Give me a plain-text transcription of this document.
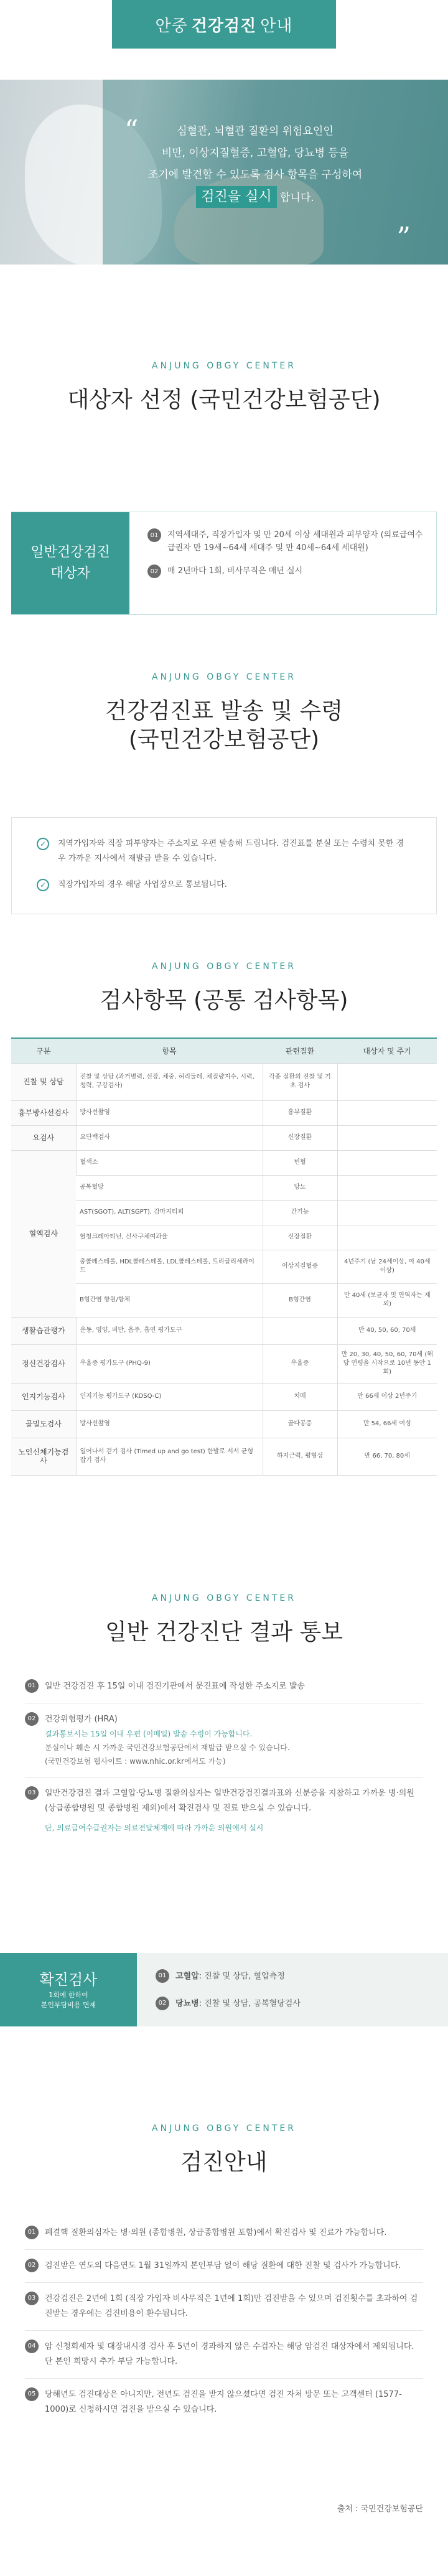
안중 건강검진 안내
“
”
심혈관, 뇌혈관 질환의 위험요인인
비만, 이상지질혈증, 고혈압, 당뇨병 등을
조기에 발견할 수 있도록 검사 항목을 구성하여
검진을 실시 합니다.
ANJUNG OBGY CENTER
대상자 선정 (국민건강보험공단)
일반건강검진
대상자
01	지역세대주, 직장가입자 및 만 20세 이상 세대원과 피부양자 (의료급여수급권자 만 19세~64세 세대주 및 만 40세~64세 세대원)
02	매 2년마다 1회, 비사무직은 매년 실시
ANJUNG OBGY CENTER
건강검진표 발송 및 수령
(국민건강보험공단)
✓	지역가입자와 직장 피부양자는 주소지로 우편 발송해 드립니다. 검진표를 분실 또는 수령치 못한 경우 가까운 지사에서 재발급 받을 수 있습니다.
✓	직장가입자의 경우 해당 사업장으로 통보됩니다.
ANJUNG OBGY CENTER
검사항목 (공통 검사항목)
구분	항목	관련질환	대상자 및 주기
진찰 및 상담	진찰 및 상담 (과거병력, 신장, 체중, 허리둘레, 체질량지수, 시력, 청력, 구강검사)	각종 질환의 진찰 및 기초 검사	
흉부방사선검사	방사선촬영	흉부질환	
요검사	요단백검사	신장질환	
혈액검사	혈색소	빈혈	
	공복혈당	당뇨	
	AST(SGOT), ALT(SGPT), 감마지티피	간기능	
	혈청크레아티닌, 신사구체여과율	신장질환	
	총콜레스테롤, HDL콜레스테롤, LDL콜레스테롤, 트리글리세라이드	이상지질혈증	4년주기 (남 24세이상, 여 40세이상)
	B형간염 항원/항체	B형간염	만 40세 (보균자 및 면역자는 제외)
생활습관평가	운동, 영양, 비만, 음주, 흡연 평가도구		만 40, 50, 60, 70세
정신건강검사	우울증 평가도구 (PHQ-9)	우울증	만 20, 30, 40, 50, 60, 70세 (해당 연령을 시작으로 10년 동안 1회)
인지기능검사	인지기능 평가도구 (KDSQ-C)	치매	만 66세 이상 2년주기
골밀도검사	방사선촬영	골다공증	만 54, 66세 여성
노인신체기능검사	일어나서 걷기 검사 (Timed up and go test) 한발로 서서 균형잡기 검사	하지근력, 평형성	만 66, 70, 80세
ANJUNG OBGY CENTER
일반 건강진단 결과 통보
01	일반 건강검진 후 15일 이내 검진기관에서 문진표에 작성한 주소지로 발송
02	건강위험평가 (HRA)
결과통보서는 15일 이내 우편 (이메일) 발송 수령이 가능합니다.
분실이나 훼손 시 가까운 국민건강보험공단에서 재발급 받으실 수 있습니다.
(국민건강보험 웹사이트 : www.nhic.or.kr에서도 가능)
03	일반건강검진 결과 고혈압·당뇨병 질환의심자는 일반건강검진결과표와 신분증을 지참하고 가까운 병·의원 (상급종합병원 및 종합병원 제외)에서 확진검사 및 진료 받으실 수 있습니다.
단, 의료급여수급권자는 의료전달체계에 따라 가까운 의원에서 실시
확진검사
1회에 한하여
본인부담비용 면제
01	고혈압 : 진찰 및 상담, 혈압측정
02	당뇨병 : 진찰 및 상담, 공복혈당검사
ANJUNG OBGY CENTER
검진안내
01	폐결핵 질환의심자는 병·의원 (종합병원, 상급종합병원 포함)에서 확진검사 및 진료가 가능합니다.
02	검진받은 연도의 다음연도 1월 31일까지 본인부담 없이 해당 질환에 대한 진찰 및 검사가 가능합니다.
03	건강검진은 2년에 1회 (직장 가입자 비사무직은 1년에 1회)만 검진받을 수 있으며 검진횟수를 초과하여 검진받는 경우에는 검진비용이 환수됩니다.
04	암 신청회세자 및 대장내시경 검사 후 5년이 경과하지 않은 수검자는 해당 암검진 대상자에서 제외됩니다. 단 본인 희망시 추가 부담 가능합니다.
05	당해년도 검진대상은 아니지만, 전년도 검진을 받지 않으셨다면 검진 자처 방문 또는 고객센터 (1577-1000)로 신청하시면 검진을 받으실 수 있습니다.
출처 : 국민건강보험공단
